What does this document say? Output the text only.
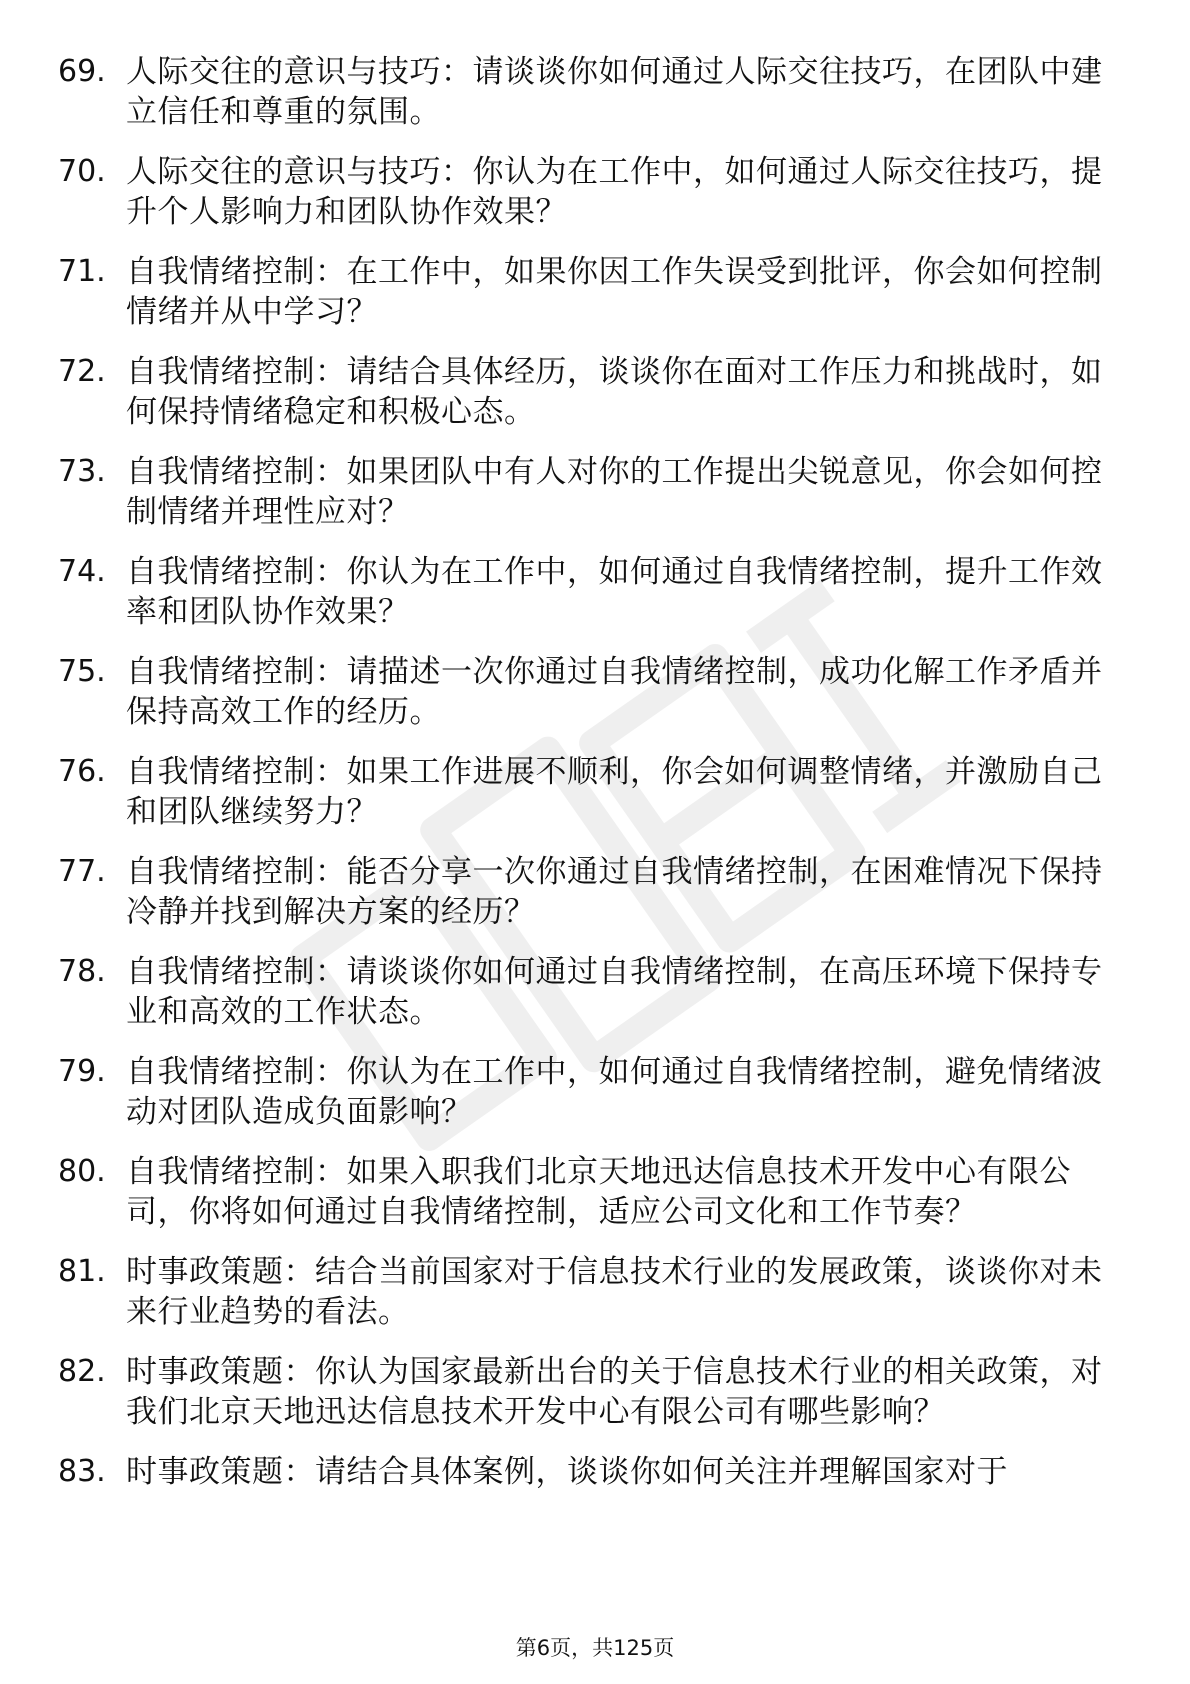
69. 人际交往的意识与技巧：请谈谈你如何通过人际交往技巧，在团队中建立信任和尊重的氛围。
70. 人际交往的意识与技巧：你认为在工作中，如何通过人际交往技巧，提升个人影响力和团队协作效果？
71. 自我情绪控制：在工作中，如果你因工作失误受到批评，你会如何控制情绪并从中学习？
72. 自我情绪控制：请结合具体经历，谈谈你在面对工作压力和挑战时，如何保持情绪稳定和积极心态。
73. 自我情绪控制：如果团队中有人对你的工作提出尖锐意见，你会如何控制情绪并理性应对？
74. 自我情绪控制：你认为在工作中，如何通过自我情绪控制，提升工作效率和团队协作效果？
75. 自我情绪控制：请描述一次你通过自我情绪控制，成功化解工作矛盾并保持高效工作的经历。
76. 自我情绪控制：如果工作进展不顺利，你会如何调整情绪，并激励自己和团队继续努力？
77. 自我情绪控制：能否分享一次你通过自我情绪控制，在困难情况下保持冷静并找到解决方案的经历？
78. 自我情绪控制：请谈谈你如何通过自我情绪控制，在高压环境下保持专业和高效的工作状态。
79. 自我情绪控制：你认为在工作中，如何通过自我情绪控制，避免情绪波动对团队造成负面影响？
80. 自我情绪控制：如果入职我们北京天地迅达信息技术开发中心有限公司，你将如何通过自我情绪控制，适应公司文化和工作节奏？
81. 时事政策题：结合当前国家对于信息技术行业的发展政策，谈谈你对未来行业趋势的看法。
82. 时事政策题：你认为国家最新出台的关于信息技术行业的相关政策，对我们北京天地迅达信息技术开发中心有限公司有哪些影响？
83. 时事政策题：请结合具体案例，谈谈你如何关注并理解国家对于
第6页，共125页
